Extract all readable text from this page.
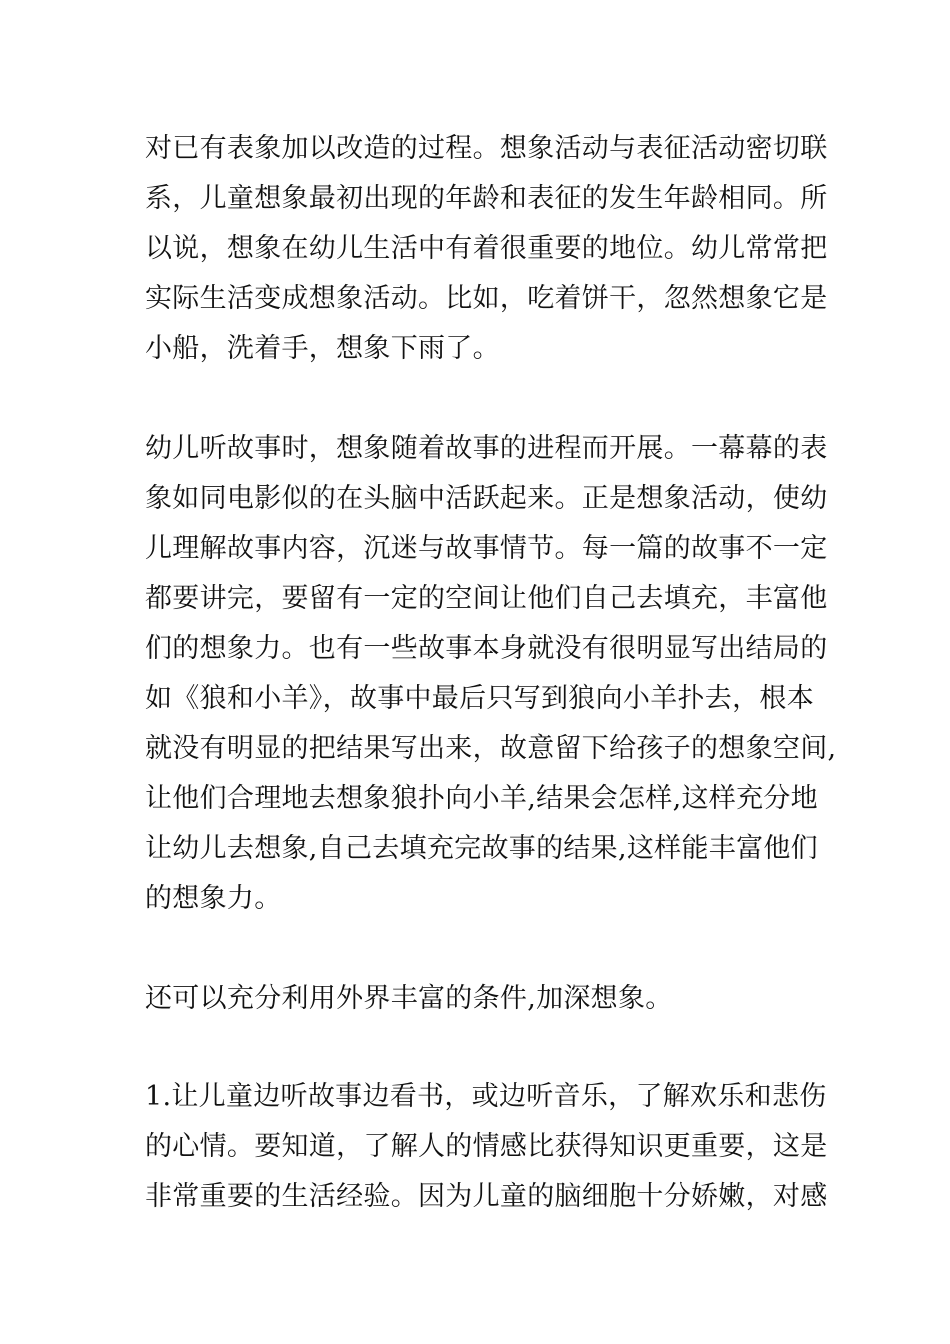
对已有表象加以改造的过程。想象活动与表征活动密切联
系，儿童想象最初出现的年龄和表征的发生年龄相同。所
以说，想象在幼儿生活中有着很重要的地位。幼儿常常把
实际生活变成想象活动。比如，吃着饼干，忽然想象它是
小船，洗着手，想象下雨了。
幼儿听故事时，想象随着故事的进程而开展。一幕幕的表
象如同电影似的在头脑中活跃起来。正是想象活动，使幼
儿理解故事内容，沉迷与故事情节。每一篇的故事不一定
都要讲完，要留有一定的空间让他们自己去填充，丰富他
们的想象力。也有一些故事本身就没有很明显写出结局的
如《狼和小羊》，故事中最后只写到狼向小羊扑去，根本
就没有明显的把结果写出来，故意留下给孩子的想象空间,
让他们合理地去想象狼扑向小羊,结果会怎样,这样充分地
让幼儿去想象,自己去填充完故事的结果,这样能丰富他们
的想象力。
还可以充分利用外界丰富的条件,加深想象。
1.让儿童边听故事边看书，或边听音乐，了解欢乐和悲伤
的心情。要知道，了解人的情感比获得知识更重要，这是
非常重要的生活经验。因为儿童的脑细胞十分娇嫩，对感
